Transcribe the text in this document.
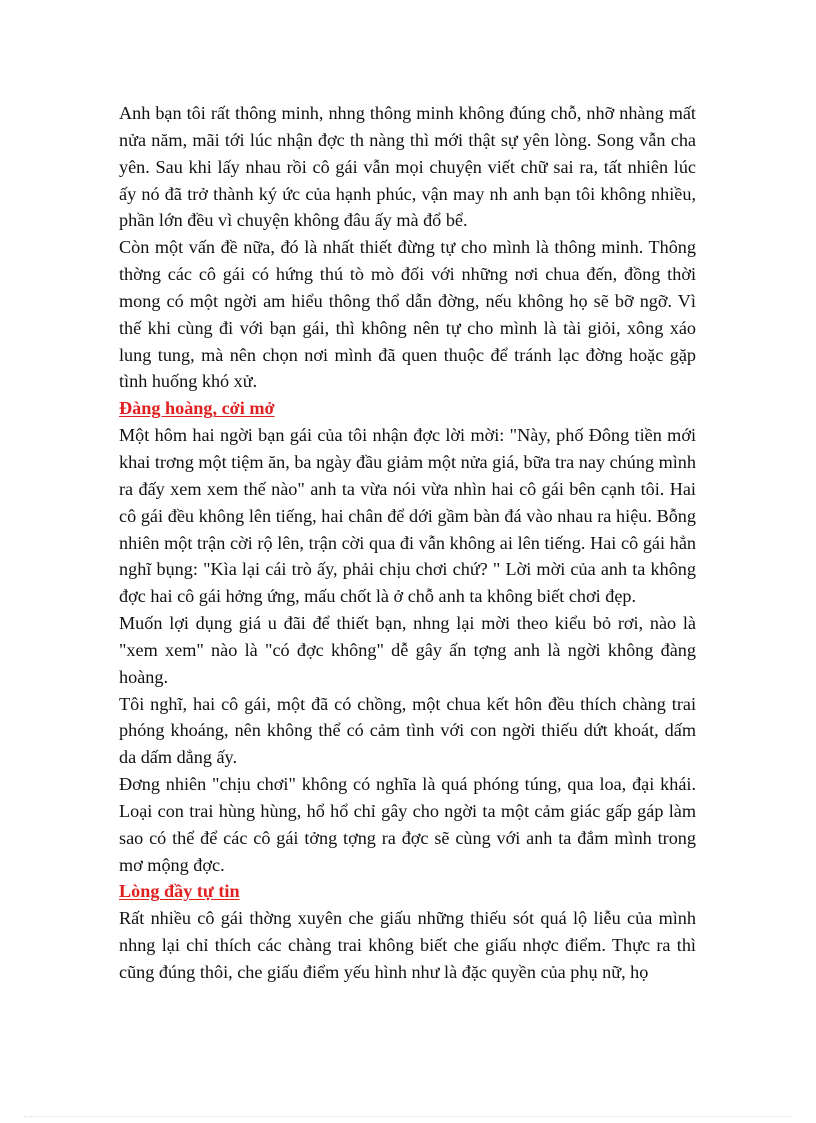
Anh bạn tôi rất thông minh, nhng thông minh không đúng chỗ, nhỡ nhàng mất nửa năm, mãi tới lúc nhận đợc th nàng thì mới thật sự yên lòng. Song vẫn cha yên. Sau khi lấy nhau rồi cô gái vẫn mọi chuyện viết chữ sai ra, tất nhiên lúc ấy nó đã trở thành ký ức của hạnh phúc, vận may nh anh bạn tôi không nhiều, phần lớn đều vì chuyện không đâu ấy mà đổ bể.

Còn một vấn đề nữa, đó là nhất thiết đừng tự cho mình là thông minh. Thông thờng các cô gái có hứng thú tò mò đối với những nơi chua đến, đồng thời mong có một ngời am hiểu thông thổ dẫn đờng, nếu không họ sẽ bỡ ngỡ. Vì thế khi cùng đi với bạn gái, thì không nên tự cho mình là tài giỏi, xông xáo lung tung, mà nên chọn nơi mình đã quen thuộc để tránh lạc đờng hoặc gặp tình huống khó xử.

Đàng hoàng, cởi mở

Một hôm hai ngời bạn gái của tôi nhận đợc lời mời: "Này, phố Đông tiền mới khai trơng một tiệm ăn, ba ngày đầu giảm một nửa giá, bữa tra nay chúng mình ra đấy xem xem thế nào" anh ta vừa nói vừa nhìn hai cô gái bên cạnh tôi. Hai cô gái đều không lên tiếng, hai chân để dới gầm bàn đá vào nhau ra hiệu. Bỗng nhiên một trận cời rộ lên, trận cời qua đi vẫn không ai lên tiếng. Hai cô gái hẳn nghĩ bụng: "Kìa lại cái trò ấy, phải chịu chơi chứ? " Lời mời của anh ta không đợc hai cô gái hởng ứng, mấu chốt là ở chỗ anh ta không biết chơi đẹp.

Muốn lợi dụng giá u đãi để thiết bạn, nhng lại mời theo kiểu bỏ rơi, nào là "xem xem" nào là "có đợc không" dễ gây ấn tợng anh là ngời không đàng hoàng.

Tôi nghĩ, hai cô gái, một đã có chồng, một chua kết hôn đều thích chàng trai phóng khoáng, nên không thể có cảm tình với con ngời thiếu dứt khoát, dấm da dấm dẳng ấy.

Đơng nhiên "chịu chơi" không có nghĩa là quá phóng túng, qua loa, đại khái. Loại con trai hùng hùng, hổ hổ chỉ gây cho ngời ta một cảm giác gấp gáp làm sao có thể để các cô gái tởng tợng ra đợc sẽ cùng với anh ta đắm mình trong mơ mộng đợc.

Lòng đầy tự tin

Rất nhiều cô gái thờng xuyên che giấu những thiếu sót quá lộ liễu của mình nhng lại chỉ thích các chàng trai không biết che giấu nhợc điểm. Thực ra thì cũng đúng thôi, che giấu điểm yếu hình như là đặc quyền của phụ nữ, họ
